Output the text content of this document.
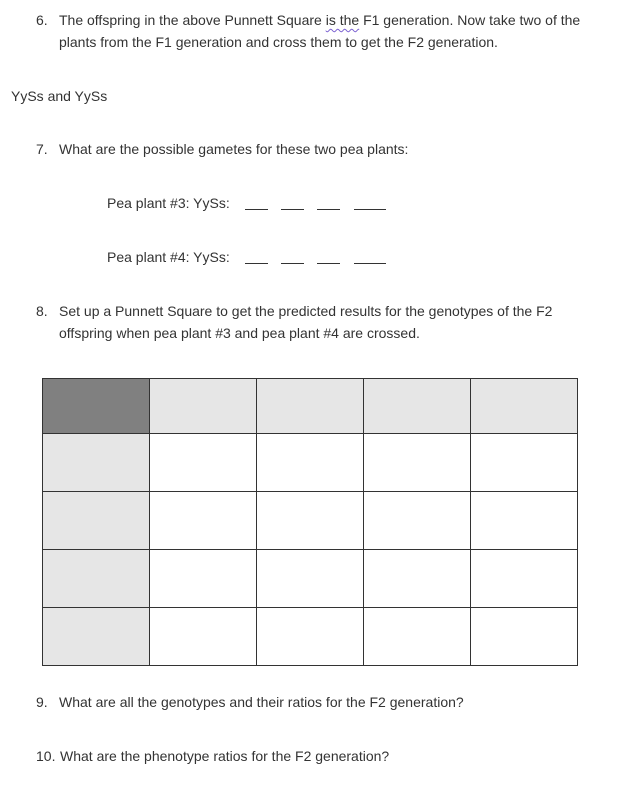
6. The offspring in the above Punnett Square is the F1 generation. Now take two of the
plants from the F1 generation and cross them to get the F2 generation.
YySs and YySs
7. What are the possible gametes for these two pea plants:
Pea plant #3: YySs:
Pea plant #4: YySs:
8. Set up a Punnett Square to get the predicted results for the genotypes of the F2
offspring when pea plant #3 and pea plant #4 are crossed.

9. What are all the genotypes and their ratios for the F2 generation?
10. What are the phenotype ratios for the F2 generation?
